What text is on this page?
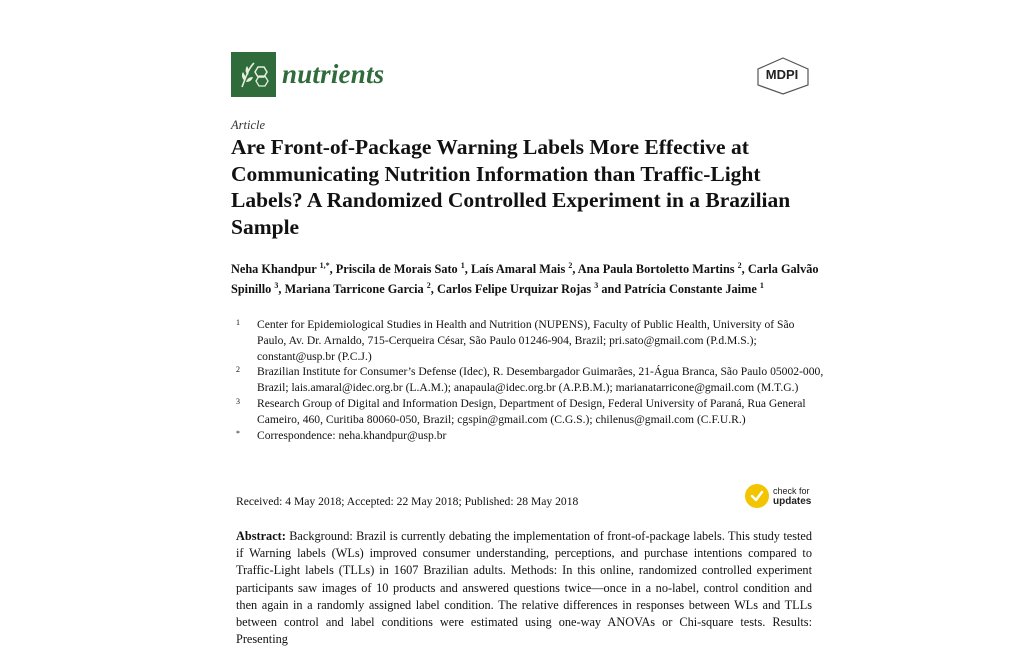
nutrients	MDPI
Article
Are Front-of-Package Warning Labels More Effective at Communicating Nutrition Information than Traffic-Light Labels? A Randomized Controlled Experiment in a Brazilian Sample
Neha Khandpur $^{1,*}$, Priscila de Morais Sato $^1$, Laís Amaral Mais $^2$, Ana Paula Bortoletto Martins $^2$, Carla Galvão Spinillo $^3$, Mariana Tarricone Garcia $^2$, Carlos Felipe Urquizar Rojas $^3$ and Patrícia Constante Jaime $^1$
1	Center for Epidemiological Studies in Health and Nutrition (NUPENS), Faculty of Public Health, University of São Paulo, Av. Dr. Arnaldo, 715-Cerqueira César, São Paulo 01246-904, Brazil; pri.sato@gmail.com (P.d.M.S.); constant@usp.br (P.C.J.)
2	Brazilian Institute for Consumer’s Defense (Idec), R. Desembargador Guimarães, 21-Água Branca, São Paulo 05002-000, Brazil; lais.amaral@idec.org.br (L.A.M.); anapaula@idec.org.br (A.P.B.M.); marianatarricone@gmail.com (M.T.G.)
3	Research Group of Digital and Information Design, Department of Design, Federal University of Paraná, Rua General Cameiro, 460, Curitiba 80060-050, Brazil; cgspin@gmail.com (C.G.S.); chilenus@gmail.com (C.F.U.R.)
*	Correspondence: neha.khandpur@usp.br
Received: 4 May 2018; Accepted: 22 May 2018; Published: 28 May 2018
check for
updates
Abstract: Background: Brazil is currently debating the implementation of front-of-package labels. This study tested if Warning labels (WLs) improved consumer understanding, perceptions, and purchase intentions compared to Traffic-Light labels (TLLs) in 1607 Brazilian adults. Methods: In this online, randomized controlled experiment participants saw images of 10 products and answered questions twice—once in a no-label, control condition and then again in a randomly assigned label condition. The relative differences in responses between WLs and TLLs between control and label conditions were estimated using one-way ANOVAs or Chi-square tests. Results: Presenting
